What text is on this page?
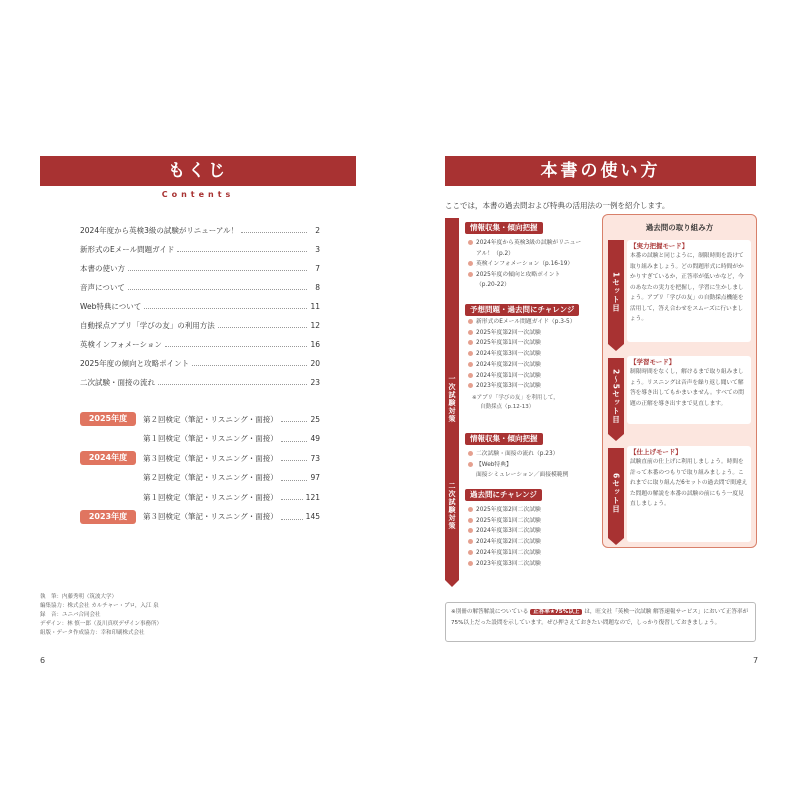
もくじ
Contents
2024年度から英検3級の試験がリニューアル！	2
新形式のEメール問題ガイド	3
本書の使い方	7
音声について	8
Web特典について	11
自動採点アプリ「学びの友」の利用方法	12
英検インフォメーション	16
2025年度の傾向と攻略ポイント	20
二次試験・面接の流れ	23
2025年度	第２回検定（筆記・リスニング・面接）	25
第１回検定（筆記・リスニング・面接）	49
2024年度	第３回検定（筆記・リスニング・面接）	73
第２回検定（筆記・リスニング・面接）	97
第１回検定（筆記・リスニング・面接）	121
2023年度	第３回検定（筆記・リスニング・面接）	145
執　筆：内藤秀明（筑波大学）
編集協力：株式会社 カルチャー・プロ，入江 泉
録　音：ユニバ合同会社
デザイン：林 慎一郎（及川真咲デザイン事務所）
組版・データ作成協力：幸和印刷株式会社
6
本書の使い方
ここでは，本書の過去問および特典の活用法の一例を紹介します。
一次試験対策
二次試験対策
情報収集・傾向把握
2024年度から英検3級の試験がリニュー
アル！（p.2）
英検インフォメーション（p.16-19）
2025年度の傾向と攻略ポイント
（p.20-22）
予想問題・過去問にチャレンジ
新形式のEメール問題ガイド（p.3-5）
2025年度第2回一次試験
2025年度第1回一次試験
2024年度第3回一次試験
2024年度第2回一次試験
2024年度第1回一次試験
2023年度第3回一次試験
※アプリ「学びの友」を利用して，
自動採点（p.12-13）
情報収集・傾向把握
二次試験・面接の流れ（p.23）
【Web特典】
面接シミュレーション／面接模範例
過去問にチャレンジ
2025年度第2回二次試験
2025年度第1回二次試験
2024年度第3回二次試験
2024年度第2回二次試験
2024年度第1回二次試験
2023年度第3回二次試験
過去問の取り組み方
1セット目
【実力把握モード】
本番の試験と同じように，制限時間を設けて取り組みましょう。どの問題形式に時間がかかりすぎているか，正答率が低いかなど，今のあなたの実力を把握し，学習に生かしましょう。アプリ「学びの友」の自動採点機能を活用して，答え合わせをスムーズに行いましょう。
2〜5セット目
【学習モード】
制限時間をなくし，解けるまで取り組みましょう。リスニングは音声を繰り返し聞いて解答を導き出してもかまいません。すべての問題の正解を導き出すまで見直します。
6セット目
【仕上げモード】
試験直前の仕上げに利用しましょう。時間を計って本番のつもりで取り組みましょう。これまでに取り組んだ6セットの過去問で間違えた問題の解説を本番の試験の前にもう一度見直しましょう。
※別冊の解答解説についている 正答率★75%以上 は，旺文社「英検一次試験 解答速報サービス」において正答率が75%以上だった設問を示しています。ぜひ押さえておきたい問題なので，しっかり復習しておきましょう。
7
